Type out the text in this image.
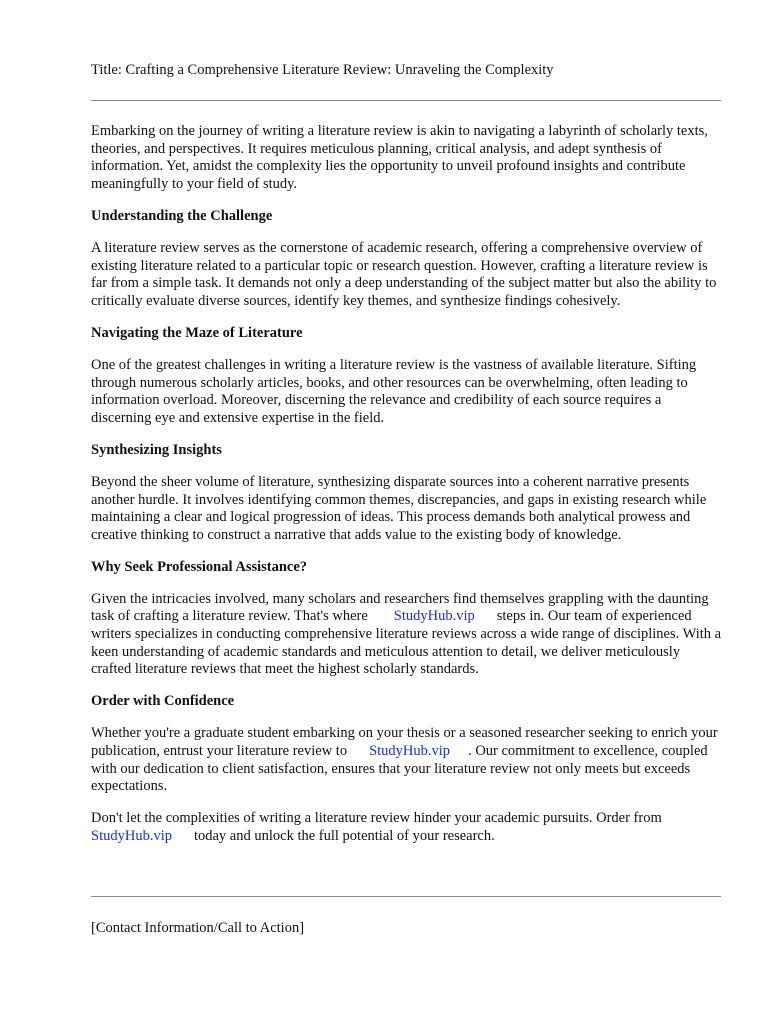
Title: Crafting a Comprehensive Literature Review: Unraveling the Complexity

Embarking on the journey of writing a literature review is akin to navigating a labyrinth of scholarly texts, theories, and perspectives. It requires meticulous planning, critical analysis, and adept synthesis of information. Yet, amidst the complexity lies the opportunity to unveil profound insights and contribute meaningfully to your field of study.

Understanding the Challenge

A literature review serves as the cornerstone of academic research, offering a comprehensive overview of existing literature related to a particular topic or research question. However, crafting a literature review is far from a simple task. It demands not only a deep understanding of the subject matter but also the ability to critically evaluate diverse sources, identify key themes, and synthesize findings cohesively.

Navigating the Maze of Literature

One of the greatest challenges in writing a literature review is the vastness of available literature. Sifting through numerous scholarly articles, books, and other resources can be overwhelming, often leading to information overload. Moreover, discerning the relevance and credibility of each source requires a discerning eye and extensive expertise in the field.

Synthesizing Insights

Beyond the sheer volume of literature, synthesizing disparate sources into a coherent narrative presents another hurdle. It involves identifying common themes, discrepancies, and gaps in existing research while maintaining a clear and logical progression of ideas. This process demands both analytical prowess and creative thinking to construct a narrative that adds value to the existing body of knowledge.

Why Seek Professional Assistance?

Given the intricacies involved, many scholars and researchers find themselves grappling with the daunting task of crafting a literature review. That's where StudyHub.vip steps in. Our team of experienced writers specializes in conducting comprehensive literature reviews across a wide range of disciplines. With a keen understanding of academic standards and meticulous attention to detail, we deliver meticulously crafted literature reviews that meet the highest scholarly standards.

Order with Confidence

Whether you're a graduate student embarking on your thesis or a seasoned researcher seeking to enrich your publication, entrust your literature review to StudyHub.vip . Our commitment to excellence, coupled with our dedication to client satisfaction, ensures that your literature review not only meets but exceeds expectations.

Don't let the complexities of writing a literature review hinder your academic pursuits. Order from StudyHub.vip today and unlock the full potential of your research.

[Contact Information/Call to Action]
